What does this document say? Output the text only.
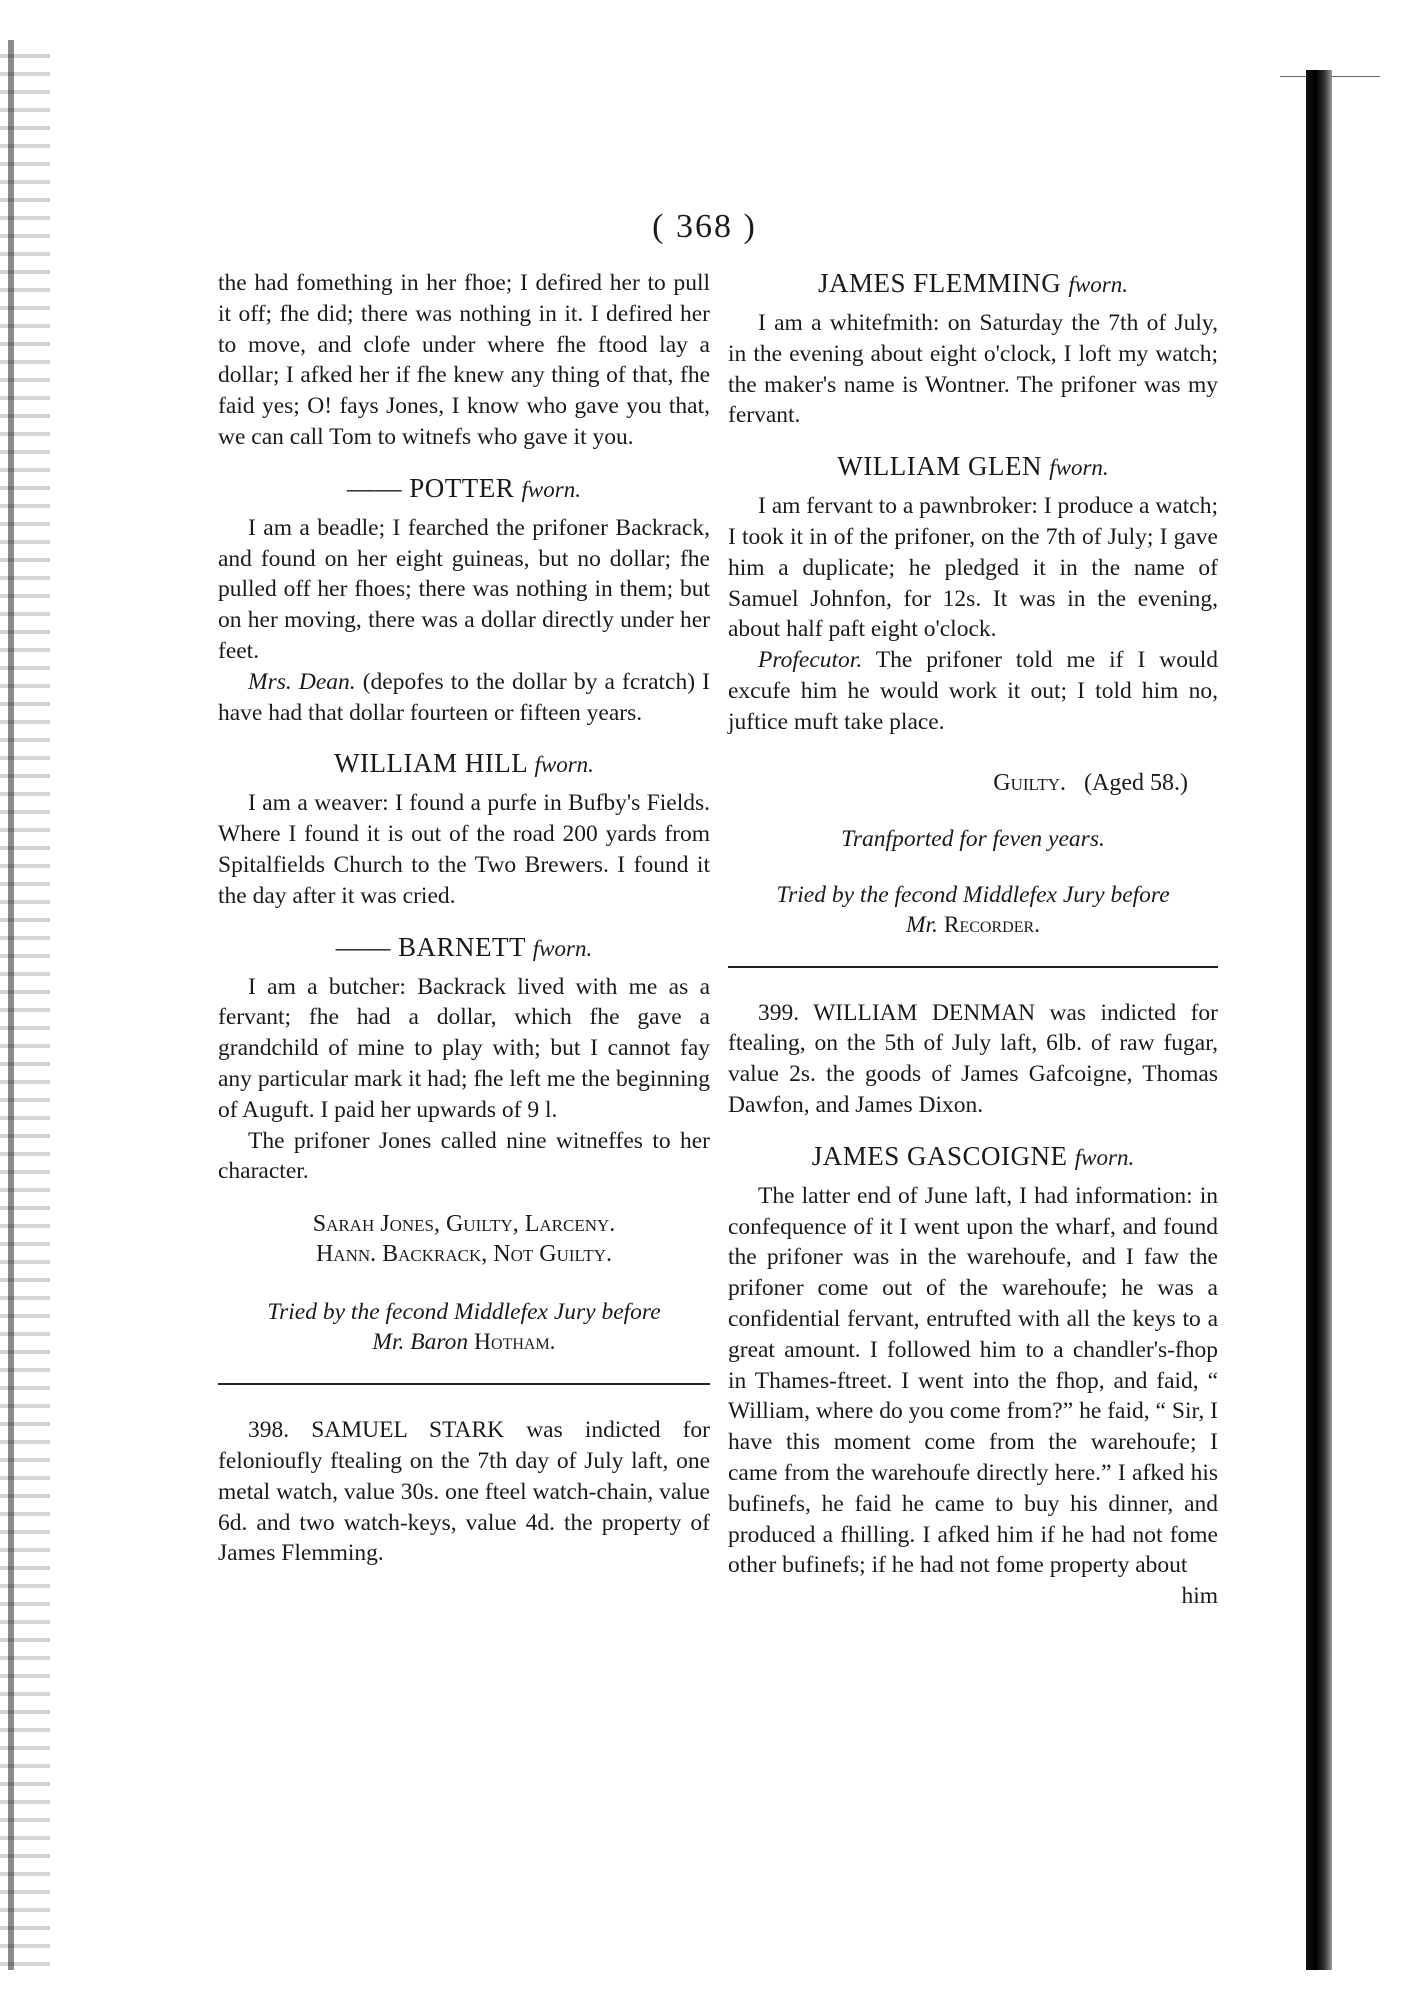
( 368 )

the had fomething in her fhoe; I defired her to pull it off; fhe did; there was nothing in it. I defired her to move, and clofe under where fhe ftood lay a dollar; I afked her if fhe knew any thing of that, fhe faid yes; O! fays Jones, I know who gave you that, we can call Tom to witnefs who gave it you.

—— POTTER fworn.

I am a beadle; I fearched the prifoner Backrack, and found on her eight guineas, but no dollar; fhe pulled off her fhoes; there was nothing in them; but on her moving, there was a dollar directly under her feet.

Mrs. Dean. (depofes to the dollar by a fcratch) I have had that dollar fourteen or fifteen years.

WILLIAM HILL fworn.

I am a weaver: I found a purfe in Bufby's Fields. Where I found it is out of the road 200 yards from Spitalfields Church to the Two Brewers. I found it the day after it was cried.

—— BARNETT fworn.

I am a butcher: Backrack lived with me as a fervant; fhe had a dollar, which fhe gave a grandchild of mine to play with; but I cannot fay any particular mark it had; fhe left me the beginning of Auguft. I paid her upwards of 9 l.

The prifoner Jones called nine witneffes to her character.

Sarah Jones, Guilty, Larceny.
Hann. Backrack, Not Guilty.
Tried by the fecond Middlefex Jury before
Mr. Baron Hotham.

398. SAMUEL STARK was indicted for felonioufly ftealing on the 7th day of July laft, one metal watch, value 30s. one fteel watch-chain, value 6d. and two watch-keys, value 4d. the property of James Flemming.

JAMES FLEMMING fworn.

I am a whitefmith: on Saturday the 7th of July, in the evening about eight o'clock, I loft my watch; the maker's name is Wontner. The prifoner was my fervant.

WILLIAM GLEN fworn.

I am fervant to a pawnbroker: I produce a watch; I took it in of the prifoner, on the 7th of July; I gave him a duplicate; he pledged it in the name of Samuel Johnfon, for 12s. It was in the evening, about half paft eight o'clock.

Profecutor. The prifoner told me if I would excufe him he would work it out; I told him no, juftice muft take place.

Guilty. (Aged 58.)
Tranfported for feven years.
Tried by the fecond Middlefex Jury before
Mr. Recorder.

399. WILLIAM DENMAN was indicted for ftealing, on the 5th of July laft, 6lb. of raw fugar, value 2s. the goods of James Gafcoigne, Thomas Dawfon, and James Dixon.

JAMES GASCOIGNE fworn.

The latter end of June laft, I had information: in confequence of it I went upon the wharf, and found the prifoner was in the warehoufe, and I faw the prifoner come out of the warehoufe; he was a confidential fervant, entrufted with all the keys to a great amount. I followed him to a chandler's-fhop in Thames-ftreet. I went into the fhop, and faid, “ William, where do you come from?” he faid, “ Sir, I have this moment come from the warehoufe; I came from the warehoufe directly here.” I afked his bufinefs, he faid he came to buy his dinner, and produced a fhilling. I afked him if he had not fome other bufinefs; if he had not fome property about

him
